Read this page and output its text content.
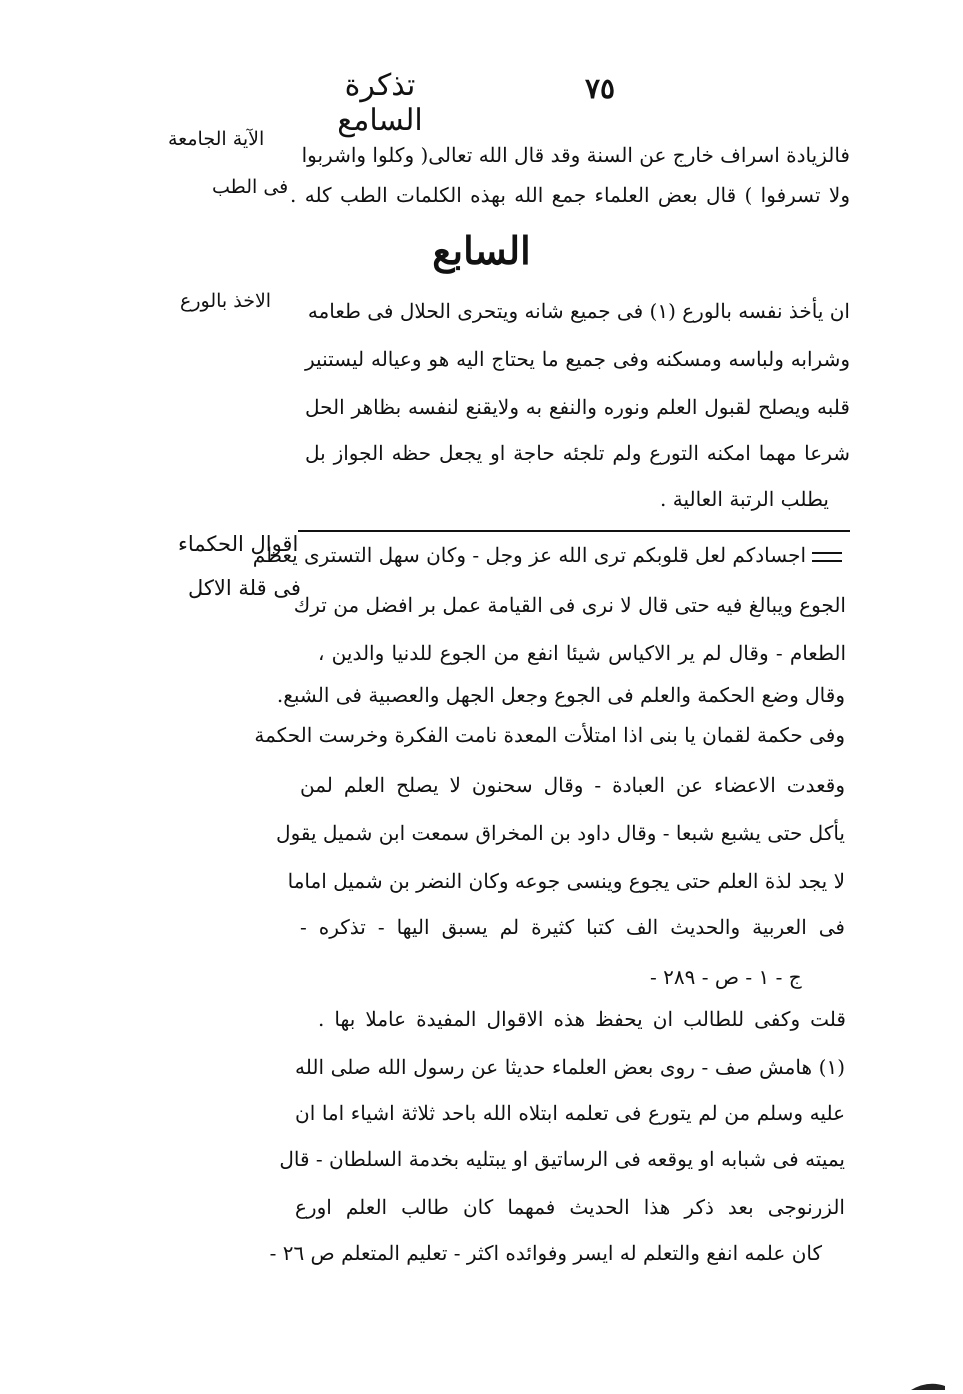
تذكرة السامع
٧٥
فالزيادة اسراف خارج عن السنة وقد قال الله تعالى( وكلوا واشربوا
الآية الجامعة
ولا تسرفوا ) قال بعض العلماء جمع الله بهذه الكلمات الطب كله .
فى الطب
السابع
الاخذ بالورع ان يأخذ نفسه بالورع (١) فى جميع شانه ويتحرى الحلال فى طعامه
وشرابه ولباسه ومسكنه وفى جميع ما يحتاج اليه هو وعياله ليستنير
قلبه ويصلح لقبول العلم ونوره والنفع به ولايقنع لنفسه بظاهر الحل
شرعا مهما امكنه التورع ولم تلجئه حاجة او يجعل حظه الجواز بل
يطلب الرتبة العالية .
اقوال الحكماء
فى قلة الاكل
اجسادكم لعل قلوبكم ترى الله عز وجل - وكان سهل التسترى يعظم
الجوع ويبالغ فيه حتى قال لا نرى فى القيامة عمل بر افضل من ترك
الطعام - وقال لم ير الاكياس شيئا انفع من الجوع للدنيا والدين ،
وقال وضع الحكمة والعلم فى الجوع وجعل الجهل والعصبية فى الشبع.
وفى حكمة لقمان يا بنى اذا امتلأت المعدة نامت الفكرة وخرست الحكمة
وقعدت الاعضاء عن العبادة - وقال سحنون لا يصلح العلم لمن
يأكل حتى يشبع شبعا - وقال داود بن المخراق سمعت ابن شميل يقول
لا يجد لذة العلم حتى يجوع وينسى جوعه وكان النضر بن شميل اماما
فى العربية والحديث الف كتبا كثيرة لم يسبق اليها - تذكره -
ج - ١ - ص - ٢٨٩ -
قلت وكفى للطالب ان يحفظ هذه الاقوال المفيدة عاملا بها .
(١) هامش صف - روى بعض العلماء حديثا عن رسول الله صلى الله
عليه وسلم من لم يتورع فى تعلمه ابتلاه الله باحد ثلاثة اشياء اما ان
يميته فى شبابه او يوقعه فى الرساتيق او يبتليه بخدمة السلطان - قال
الزرنوجى بعد ذكر هذا الحديث فمهما كان طالب العلم اورع
كان علمه انفع والتعلم له ايسر وفوائده اكثر - تعليم المتعلم ص ٢٦ -
